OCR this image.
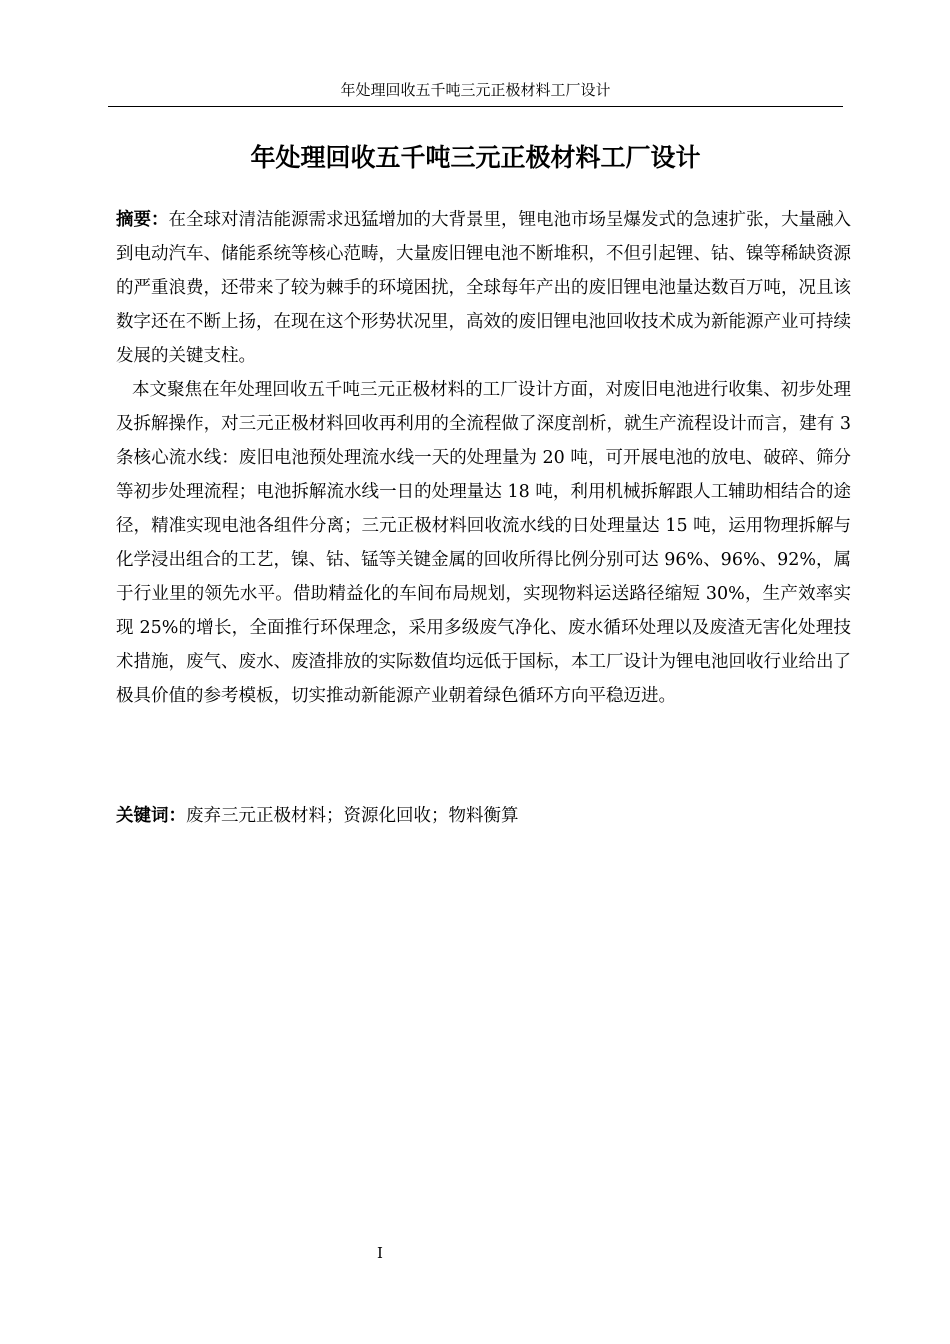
年处理回收五千吨三元正极材料工厂设计
年处理回收五千吨三元正极材料工厂设计

摘要：在全球对清洁能源需求迅猛增加的大背景里，锂电池市场呈爆发式的急速扩张，大量融入到电动汽车、储能系统等核心范畴，大量废旧锂电池不断堆积，不但引起锂、钴、镍等稀缺资源的严重浪费，还带来了较为棘手的环境困扰，全球每年产出的废旧锂电池量达数百万吨，况且该数字还在不断上扬，在现在这个形势状况里，高效的废旧锂电池回收技术成为新能源产业可持续发展的关键支柱。

本文聚焦在年处理回收五千吨三元正极材料的工厂设计方面，对废旧电池进行收集、初步处理及拆解操作，对三元正极材料回收再利用的全流程做了深度剖析，就生产流程设计而言，建有 3 条核心流水线：废旧电池预处理流水线一天的处理量为 20 吨，可开展电池的放电、破碎、筛分等初步处理流程；电池拆解流水线一日的处理量达 18 吨，利用机械拆解跟人工辅助相结合的途径，精准实现电池各组件分离；三元正极材料回收流水线的日处理量达 15 吨，运用物理拆解与化学浸出组合的工艺，镍、钴、锰等关键金属的回收所得比例分别可达 96%、96%、92%，属于行业里的领先水平。借助精益化的车间布局规划，实现物料运送路径缩短 30%，生产效率实现 25%的增长，全面推行环保理念，采用多级废气净化、废水循环处理以及废渣无害化处理技术措施，废气、废水、废渣排放的实际数值均远低于国标，本工厂设计为锂电池回收行业给出了极具价值的参考模板，切实推动新能源产业朝着绿色循环方向平稳迈进。

关键词：废弃三元正极材料；资源化回收；物料衡算
I
